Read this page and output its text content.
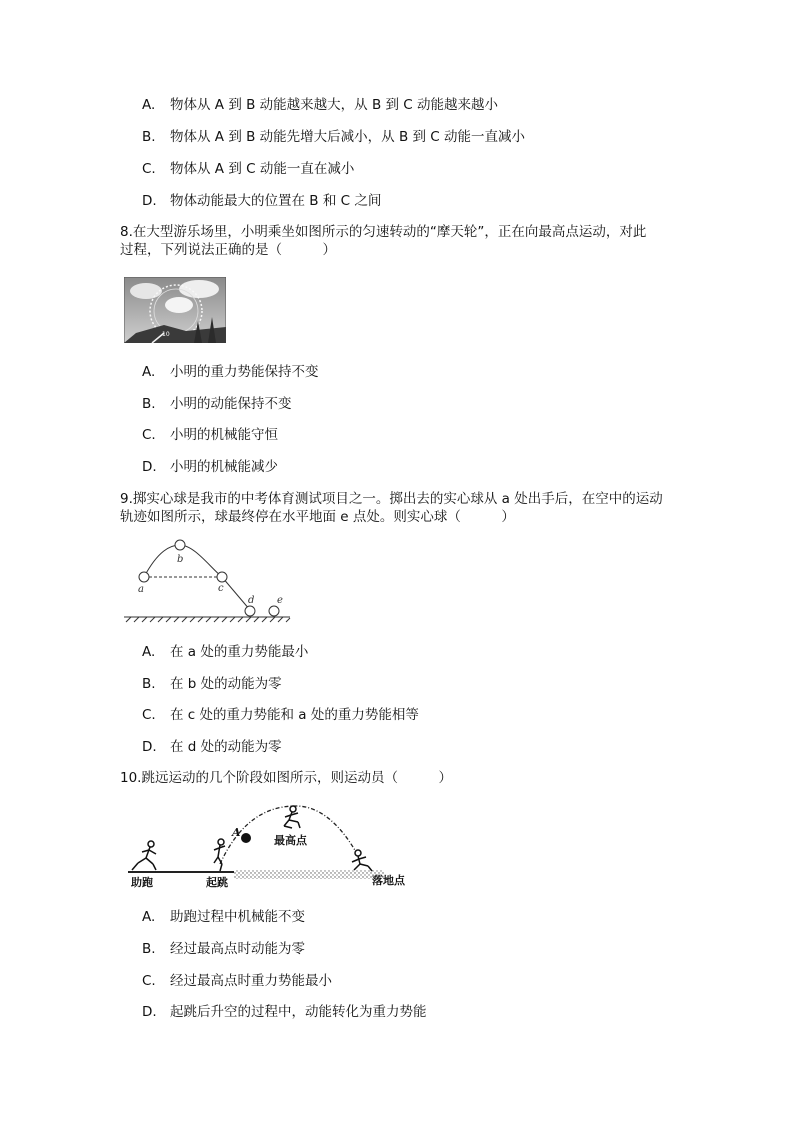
A. 物体从 A 到 B 动能越来越大，从 B 到 C 动能越来越小
B. 物体从 A 到 B 动能先增大后减小，从 B 到 C 动能一直减小
C. 物体从 A 到 C 动能一直在减小
D. 物体动能最大的位置在 B 和 C 之间
8.在大型游乐场里，小明乘坐如图所示的匀速转动的“摩天轮”，正在向最高点运动，对此
过程，下列说法正确的是（　　　）
10
A. 小明的重力势能保持不变
B. 小明的动能保持不变
C. 小明的机械能守恒
D. 小明的机械能减少
9.掷实心球是我市的中考体育测试项目之一。掷出去的实心球从 a 处出手后，在空中的运动
轨迹如图所示，球最终停在水平地面 e 点处。则实心球（　　　）
a
b
c
d e
A. 在 a 处的重力势能最小
B. 在 b 处的动能为零
C. 在 c 处的重力势能和 a 处的重力势能相等
D. 在 d 处的动能为零
10.跳远运动的几个阶段如图所示，则运动员（　　　）
助跑	起跳
最高点
落地点
A
A. 助跑过程中机械能不变
B. 经过最高点时动能为零
C. 经过最高点时重力势能最小
D. 起跳后升空的过程中，动能转化为重力势能
